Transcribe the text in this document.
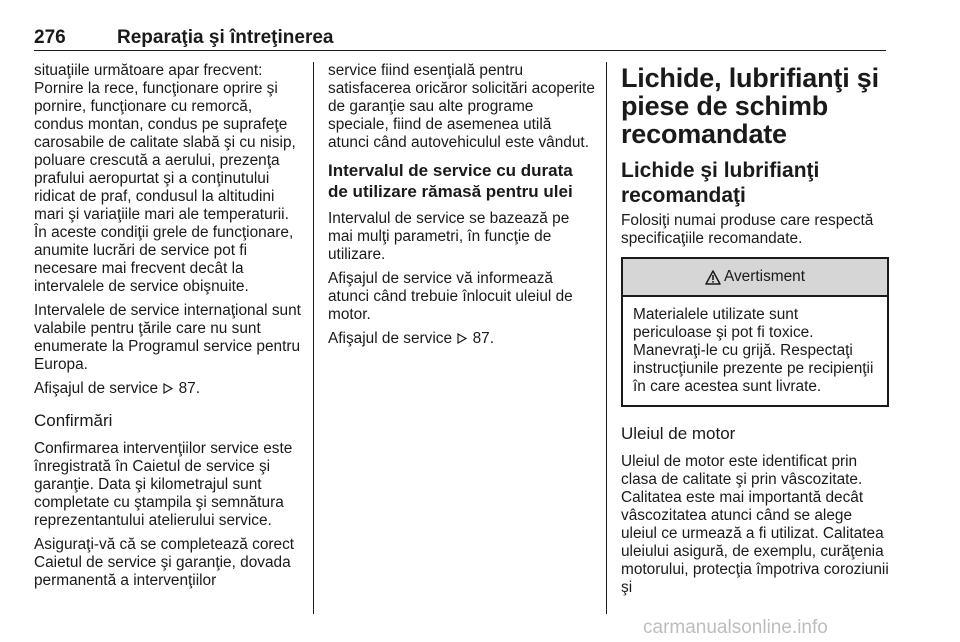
276	Reparaţia şi întreţinerea

situaţiile următoare apar frecvent: Pornire la rece, funcţionare oprire şi pornire, funcţionare cu remorcă, condus montan, condus pe suprafeţe carosabile de calitate slabă şi cu nisip, poluare crescută a aerului, prezenţa prafului aeropurtat şi a conţinutului ridicat de praf, condusul la altitudini mari şi variaţiile mari ale temperaturii. În aceste condiţii grele de funcţionare, anumite lucrări de service pot fi necesare mai frecvent decât la intervalele de service obişnuite.

Intervalele de service internaţional sunt valabile pentru ţările care nu sunt enumerate la Programul service pentru Europa.

Afişajul de service 87.

Confirmări

Confirmarea intervenţiilor service este înregistrată în Caietul de service şi garanţie. Data şi kilometrajul sunt completate cu ştampila şi semnătura reprezentantului atelierului service.

Asiguraţi-vă că se completează corect Caietul de service şi garanţie, dovada permanentă a intervenţiilor

service fiind esenţială pentru satisfacerea oricăror solicitări acoperite de garanţie sau alte programe speciale, fiind de asemenea utilă atunci când autovehiculul este vândut.

Intervalul de service cu durata de utilizare rămasă pentru ulei

Intervalul de service se bazează pe mai mulţi parametri, în funcţie de utilizare.

Afişajul de service vă informează atunci când trebuie înlocuit uleiul de motor.

Afişajul de service 87.

Lichide, lubrifianţi şi piese de schimb recomandate
Lichide şi lubrifianţi recomandaţi

Folosiţi numai produse care respectă specificaţiile recomandate.

Avertisment
Materialele utilizate sunt periculoase şi pot fi toxice. Manevraţi-le cu grijă. Respectaţi instrucţiunile prezente pe recipienţii în care acestea sunt livrate.
Uleiul de motor

Uleiul de motor este identificat prin clasa de calitate şi prin vâscozitate. Calitatea este mai importantă decât vâscozitatea atunci când se alege uleiul ce urmează a fi utilizat. Calitatea uleiului asigură, de exemplu, curăţenia motorului, protecţia împotriva coroziunii şi

carmanualsonline.info
